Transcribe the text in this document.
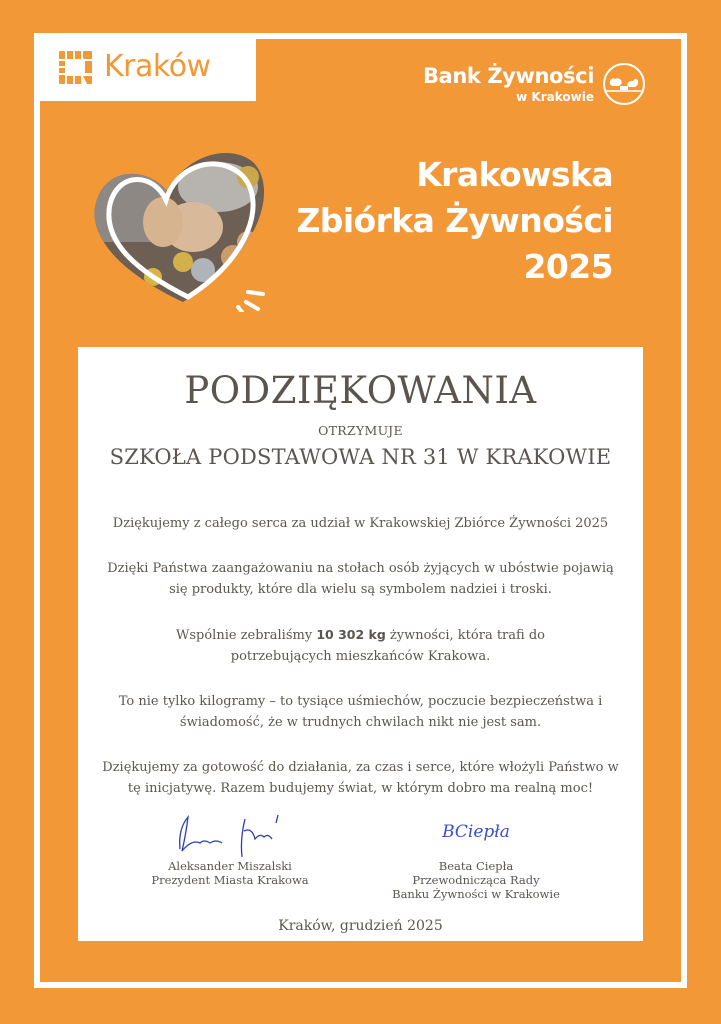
Kraków	Bank Żywności
w Krakowie
Krakowska
Zbiórka Żywności
2025
PODZIĘKOWANIA
OTRZYMUJE
SZKOŁA PODSTAWOWA NR 31 W KRAKOWIE
Dziękujemy z całego serca za udział w Krakowskiej Zbiórce Żywności 2025
Dzięki Państwa zaangażowaniu na stołach osób żyjących w ubóstwie pojawią się produkty, które dla wielu są symbolem nadziei i troski.
Wspólnie zebraliśmy 10 302 kg żywności, która trafi do potrzebujących mieszkańców Krakowa.
To nie tylko kilogramy – to tysiące uśmiechów, poczucie bezpieczeństwa i świadomość, że w trudnych chwilach nikt nie jest sam.
Dziękujemy za gotowość do działania, za czas i serce, które włożyli Państwo w tę inicjatywę. Razem budujemy świat, w którym dobro ma realną moc!
Aleksander Miszalski
Prezydent Miasta Krakowa
BCiepła
Beata Ciepła
Przewodnicząca Rady
Banku Żywności w Krakowie
Kraków, grudzień 2025
